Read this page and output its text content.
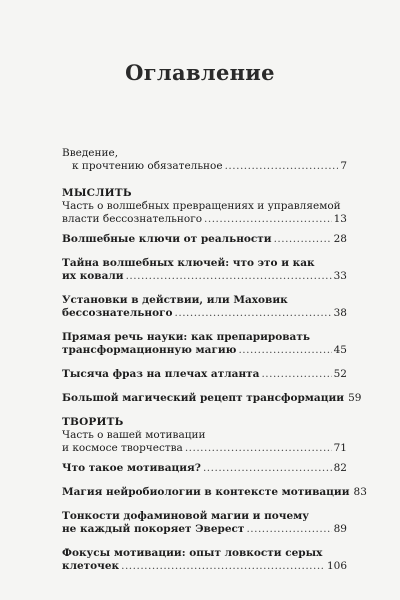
Оглавление
Введение,
к прочтению обязательное .....	7
МЫСЛИТЬ
Часть о волшебных превращениях и управляемой
власти бессознательного .....	13
Волшебные ключи от реальности .....	28
Тайна волшебных ключей: что это и как
их ковали .....	33
Установки в действии, или Маховик
бессознательного .....	38
Прямая речь науки: как препарировать
трансформационную магию .....	45
Тысяча фраз на плечах атланта .....	52
Большой магический рецепт трансформации 59
ТВОРИТЬ
Часть о вашей мотивации
и космосе творчества .....	71
Что такое мотивация? .....	82
Магия нейробиологии в контексте мотивации 83
Тонкости дофаминовой магии и почему
не каждый покоряет Эверест .....	89
Фокусы мотивации: опыт ловкости серых
клеточек .....	106
